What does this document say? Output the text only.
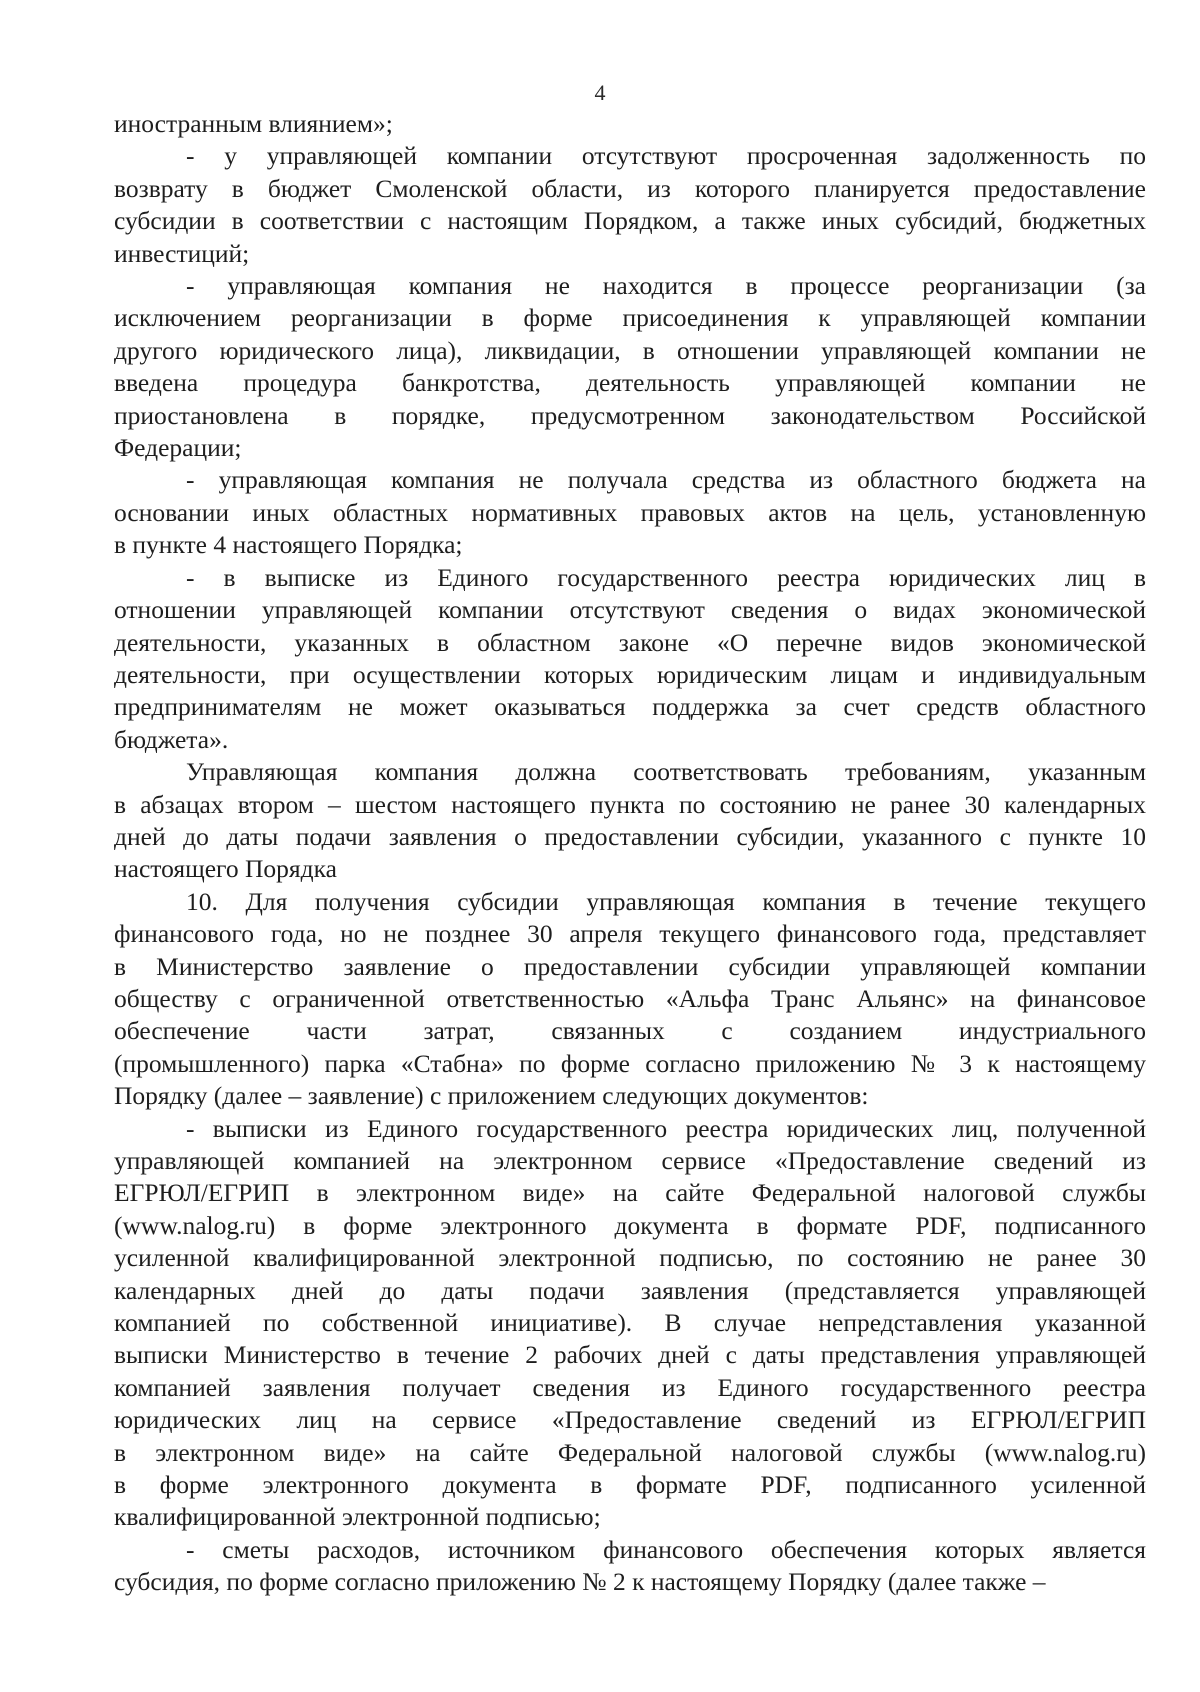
4
иностранным влиянием»;
- у управляющей компании отсутствуют просроченная задолженность по
возврату в бюджет Смоленской области, из которого планируется предоставление
субсидии в соответствии с настоящим Порядком, а также иных субсидий, бюджетных
инвестиций;
- управляющая компания не находится в процессе реорганизации (за
исключением реорганизации в форме присоединения к управляющей компании
другого юридического лица), ликвидации, в отношении управляющей компании не
введена процедура банкротства, деятельность управляющей компании не
приостановлена в порядке, предусмотренном законодательством Российской
Федерации;
- управляющая компания не получала средства из областного бюджета на
основании иных областных нормативных правовых актов на цель, установленную
в пункте 4 настоящего Порядка;
- в выписке из Единого государственного реестра юридических лиц в
отношении управляющей компании отсутствуют сведения о видах экономической
деятельности, указанных в областном законе «О перечне видов экономической
деятельности, при осуществлении которых юридическим лицам и индивидуальным
предпринимателям не может оказываться поддержка за счет средств областного
бюджета».
Управляющая компания должна соответствовать требованиям, указанным
в абзацах втором – шестом настоящего пункта по состоянию не ранее 30 календарных
дней до даты подачи заявления о предоставлении субсидии, указанного с пункте 10
настоящего Порядка
10. Для получения субсидии управляющая компания в течение текущего
финансового года, но не позднее 30 апреля текущего финансового года, представляет
в Министерство заявление о предоставлении субсидии управляющей компании
обществу с ограниченной ответственностью «Альфа Транс Альянс» на финансовое
обеспечение части затрат, связанных с созданием индустриального
(промышленного) парка «Стабна» по форме согласно приложению № 3 к настоящему
Порядку (далее – заявление) с приложением следующих документов:
- выписки из Единого государственного реестра юридических лиц, полученной
управляющей компанией на электронном сервисе «Предоставление сведений из
ЕГРЮЛ/ЕГРИП в электронном виде» на сайте Федеральной налоговой службы
(www.nalog.ru) в форме электронного документа в формате PDF, подписанного
усиленной квалифицированной электронной подписью, по состоянию не ранее 30
календарных дней до даты подачи заявления (представляется управляющей
компанией по собственной инициативе). В случае непредставления указанной
выписки Министерство в течение 2 рабочих дней с даты представления управляющей
компанией заявления получает сведения из Единого государственного реестра
юридических лиц на сервисе «Предоставление сведений из ЕГРЮЛ/ЕГРИП
в электронном виде» на сайте Федеральной налоговой службы (www.nalog.ru)
в форме электронного документа в формате PDF, подписанного усиленной
квалифицированной электронной подписью;
- сметы расходов, источником финансового обеспечения которых является
субсидия, по форме согласно приложению № 2 к настоящему Порядку (далее также –
